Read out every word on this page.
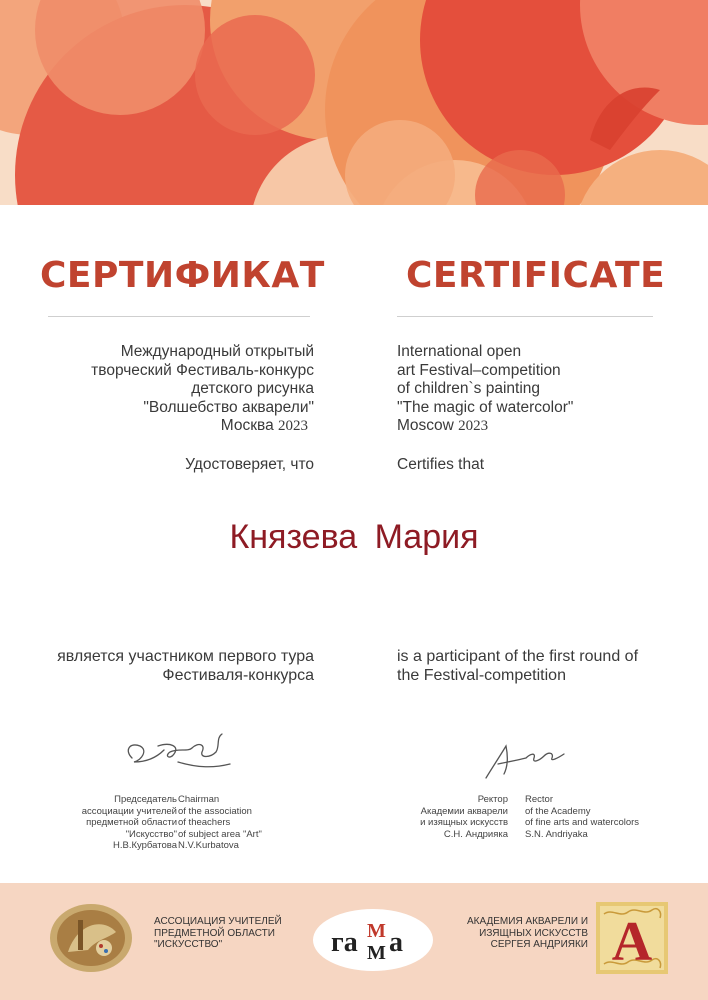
СЕРТИФИКАТ CERTIFICATE
Международный открытый
творческий Фестиваль-конкурс
детского рисунка
"Волшебство акварели"
Москва 2023
International open
art Festival–competition
of children`s painting
"The magic of watercolor"
Moscow 2023
Удостоверяет, что	Certifies that
Князева Мария
является участником первого тура
Фестиваля-конкурса
is a participant of the first round of
the Festival-competition
Председатель
ассоциации учителей
предметной области
"Искусство"
Н.В.Курбатова
Chairman
of the association
of theachers
of subject area "Art"
N.V.Kurbatova
Ректор
Академии акварели
и изящных искусств
С.Н. Андрияка
Rector
of the Academy
of fine arts and watercolors
S.N. Andriyaka
АССОЦИАЦИЯ УЧИТЕЛЕЙ
ПРЕДМЕТНОЙ ОБЛАСТИ
"ИСКУССТВО"	га М
М а
АКАДЕМИЯ АКВАРЕЛИ И
ИЗЯЩНЫХ ИСКУССТВ
СЕРГЕЯ АНДРИЯКИ А
